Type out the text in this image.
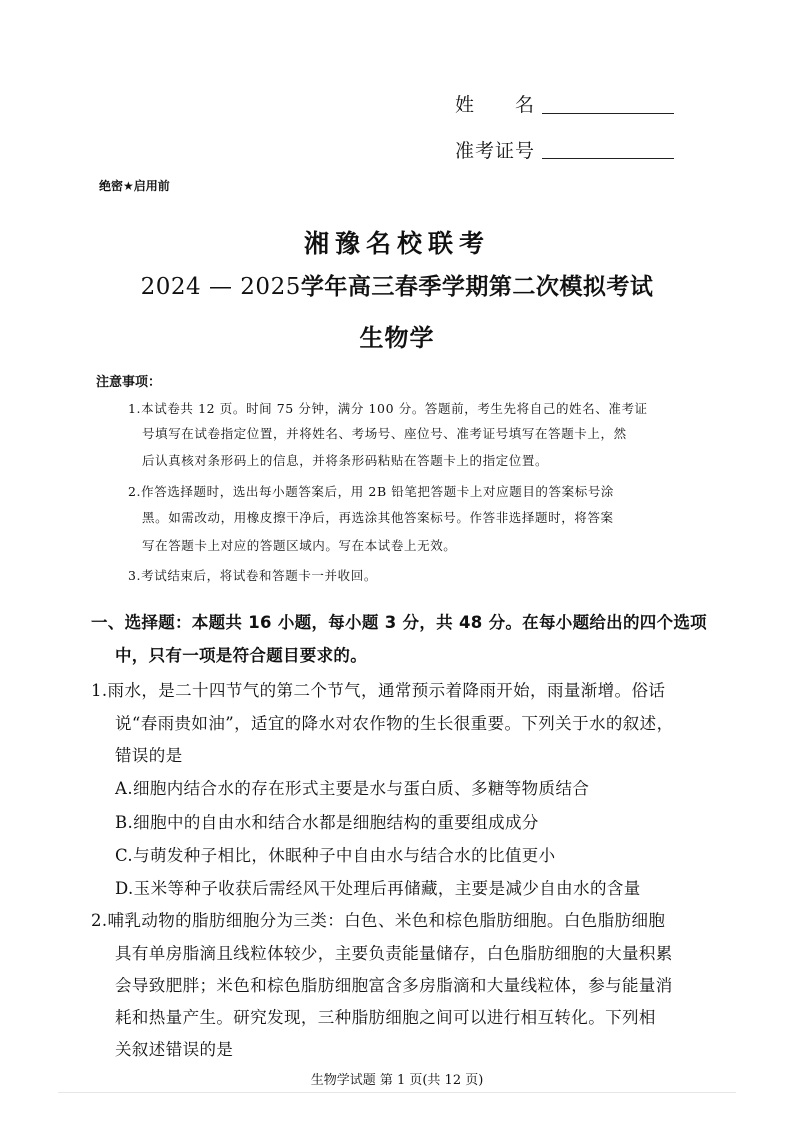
姓　　名
准考证号
绝密★启用前
湘豫名校联考
2024 — 2025学年高三春季学期第二次模拟考试
生物学
注意事项：
1.本试卷共 12 页。时间 75 分钟，满分 100 分。答题前，考生先将自己的姓名、准考证
号填写在试卷指定位置，并将姓名、考场号、座位号、准考证号填写在答题卡上，然
后认真核对条形码上的信息，并将条形码粘贴在答题卡上的指定位置。
2.作答选择题时，选出每小题答案后，用 2B 铅笔把答题卡上对应题目的答案标号涂
黑。如需改动，用橡皮擦干净后，再选涂其他答案标号。作答非选择题时，将答案
写在答题卡上对应的答题区域内。写在本试卷上无效。
3.考试结束后，将试卷和答题卡一并收回。
一、选择题：本题共 16 小题，每小题 3 分，共 48 分。在每小题给出的四个选项
中，只有一项是符合题目要求的。
1.雨水，是二十四节气的第二个节气，通常预示着降雨开始，雨量渐增。俗话
说“春雨贵如油”，适宜的降水对农作物的生长很重要。下列关于水的叙述，
错误的是
A.细胞内结合水的存在形式主要是水与蛋白质、多糖等物质结合
B.细胞中的自由水和结合水都是细胞结构的重要组成成分
C.与萌发种子相比，休眠种子中自由水与结合水的比值更小
D.玉米等种子收获后需经风干处理后再储藏，主要是减少自由水的含量
2.哺乳动物的脂肪细胞分为三类：白色、米色和棕色脂肪细胞。白色脂肪细胞
具有单房脂滴且线粒体较少，主要负责能量储存，白色脂肪细胞的大量积累
会导致肥胖；米色和棕色脂肪细胞富含多房脂滴和大量线粒体，参与能量消
耗和热量产生。研究发现，三种脂肪细胞之间可以进行相互转化。下列相
关叙述错误的是
生物学试题 第 1 页(共 12 页)
